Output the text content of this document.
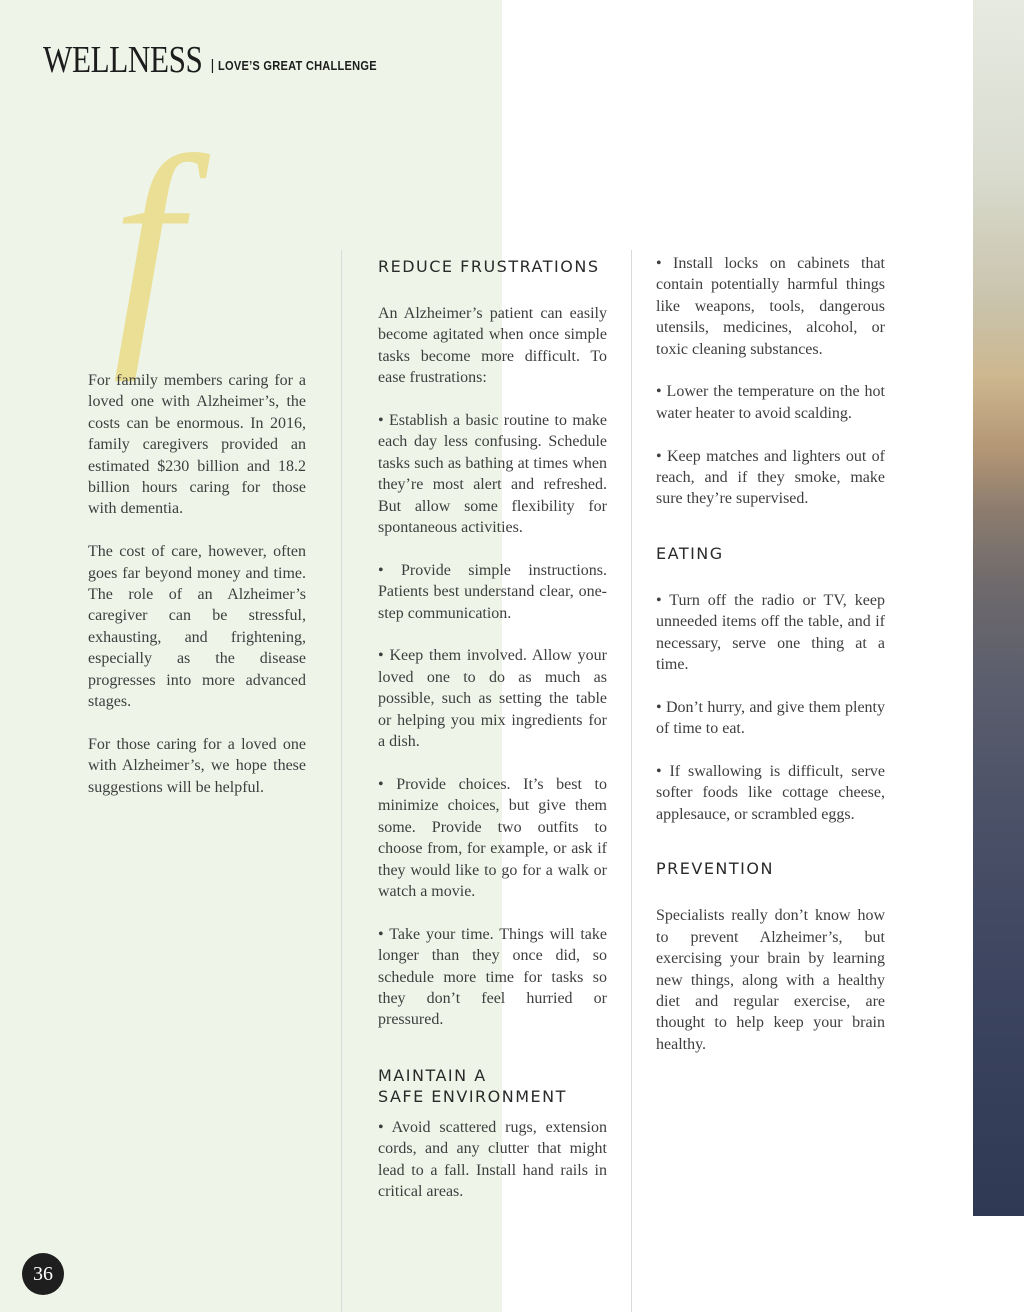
WELLNESS | LOVE’S GREAT CHALLENGE
f

For family members caring for a loved one with Alzheimer’s, the costs can be enormous. In 2016, family caregivers provided an estimated $230 billion and 18.2 billion hours caring for those with dementia.

The cost of care, however, often goes far beyond money and time. The role of an Alzheimer’s caregiver can be stressful, exhausting, and frightening, especially as the disease progresses into more advanced stages.

For those caring for a loved one with Alzheimer’s, we hope these suggestions will be helpful.

REDUCE FRUSTRATIONS

An Alzheimer’s patient can easily become agitated when once simple tasks become more difficult. To ease frustrations:

• Establish a basic routine to make each day less confusing. Schedule tasks such as bathing at times when they’re most alert and refreshed. But allow some flexibility for spontaneous activities.

• Provide simple instructions. Patients best understand clear, one-step communication.

• Keep them involved. Allow your loved one to do as much as possible, such as setting the table or helping you mix ingredients for a dish.

• Provide choices. It’s best to minimize choices, but give them some. Provide two outfits to choose from, for example, or ask if they would like to go for a walk or watch a movie.

• Take your time. Things will take longer than they once did, so schedule more time for tasks so they don’t feel hurried or pressured.

MAINTAIN A
SAFE ENVIRONMENT

• Avoid scattered rugs, extension cords, and any clutter that might lead to a fall. Install hand rails in critical areas.

• Install locks on cabinets that contain potentially harmful things like weapons, tools, dangerous utensils, medicines, alcohol, or toxic cleaning substances.

• Lower the temperature on the hot water heater to avoid scalding.

• Keep matches and lighters out of reach, and if they smoke, make sure they’re supervised.

EATING

• Turn off the radio or TV, keep unneeded items off the table, and if necessary, serve one thing at a time.

• Don’t hurry, and give them plenty of time to eat.

• If swallowing is difficult, serve softer foods like cottage cheese, applesauce, or scrambled eggs.

PREVENTION

Specialists really don’t know how to prevent Alzheimer’s, but exercising your brain by learning new things, along with a healthy diet and regular exercise, are thought to help keep your brain healthy.

36
